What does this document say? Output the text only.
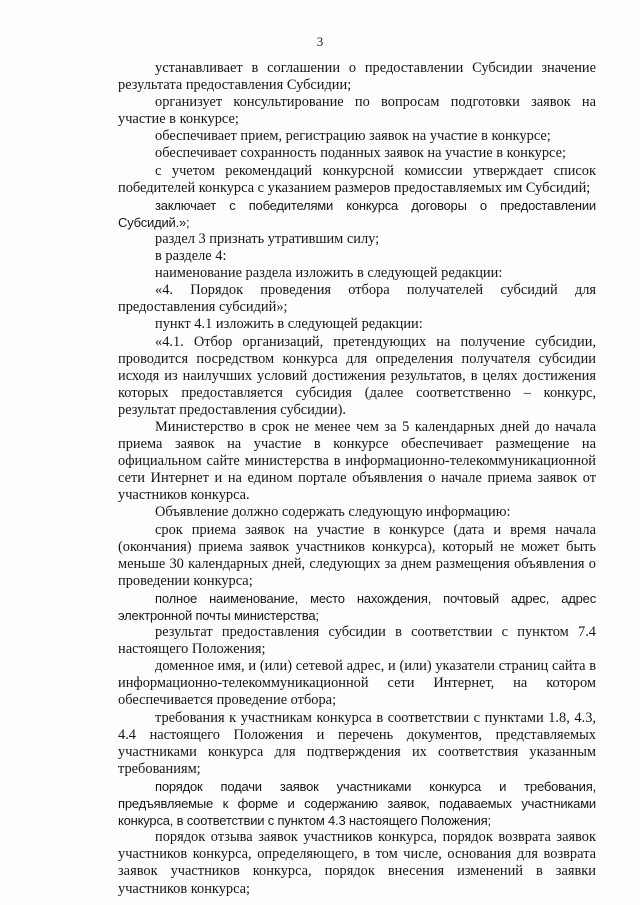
3

устанавливает в соглашении о предоставлении Субсидии значение результата предоставления Субсидии;

организует консультирование по вопросам подготовки заявок на участие в конкурсе;

обеспечивает прием, регистрацию заявок на участие в конкурсе;

обеспечивает сохранность поданных заявок на участие в конкурсе;

с учетом рекомендаций конкурсной комиссии утверждает список победителей конкурса с указанием размеров предоставляемых им Субсидий;

заключает с победителями конкурса договоры о предоставлении Субсидий.»;

раздел 3 признать утратившим силу;

в разделе 4:

наименование раздела изложить в следующей редакции:

«4. Порядок проведения отбора получателей субсидий для предоставления субсидий»;

пункт 4.1 изложить в следующей редакции:

«4.1. Отбор организаций, претендующих на получение субсидии, проводится посредством конкурса для определения получателя субсидии исходя из наилучших условий достижения результатов, в целях достижения которых предоставляется субсидия (далее соответственно – конкурс, результат предоставления субсидии).

Министерство в срок не менее чем за 5 календарных дней до начала приема заявок на участие в конкурсе обеспечивает размещение на официальном сайте министерства в информационно-телекоммуникационной сети Интернет и на едином портале объявления о начале приема заявок от участников конкурса.

Объявление должно содержать следующую информацию:

срок приема заявок на участие в конкурсе (дата и время начала (окончания) приема заявок участников конкурса), который не может быть меньше 30 календарных дней, следующих за днем размещения объявления о проведении конкурса;

полное наименование, место нахождения, почтовый адрес, адрес электронной почты министерства;

результат предоставления субсидии в соответствии с пунктом 7.4 настоящего Положения;

доменное имя, и (или) сетевой адрес, и (или) указатели страниц сайта в информационно-телекоммуникационной сети Интернет, на котором обеспечивается проведение отбора;

требования к участникам конкурса в соответствии с пунктами 1.8, 4.3, 4.4 настоящего Положения и перечень документов, представляемых участниками конкурса для подтверждения их соответствия указанным требованиям;

порядок подачи заявок участниками конкурса и требования, предъявляемые к форме и содержанию заявок, подаваемых участниками конкурса, в соответствии с пунктом 4.3 настоящего Положения;

порядок отзыва заявок участников конкурса, порядок возврата заявок участников конкурса, определяющего, в том числе, основания для возврата заявок участников конкурса, порядок внесения изменений в заявки участников конкурса;
